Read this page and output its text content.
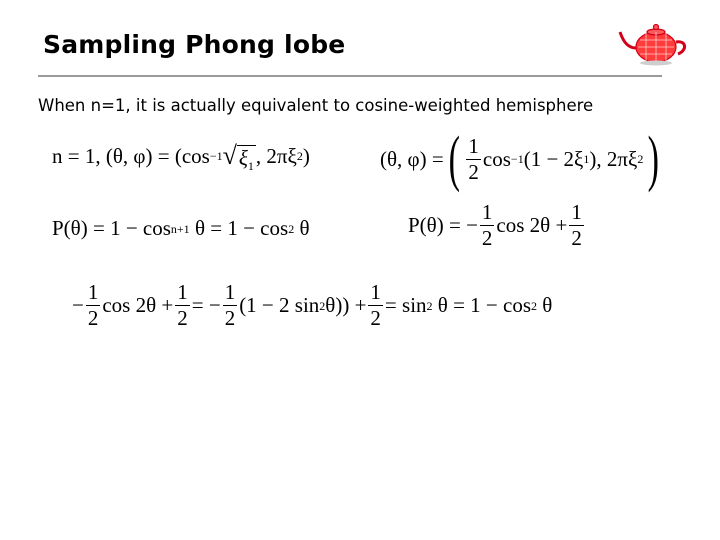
Sampling Phong lobe
When n=1, it is actually equivalent to cosine-weighted hemisphere
n = 1,
(θ, φ) = (cos −1 √ $\xi_1$ , 2πξ 2 )	(θ, φ) = ( $\frac{1}{2}$ cos −1 (1 − 2ξ 1 ), 2πξ 2 )
P(θ) = 1 − cos n+1
θ = 1 − cos 2
θ	P(θ) = − $\frac{1}{2}$ $\cos 2\theta + \frac{1}{2}$
− $\frac{1}{2}$ $\cos 2\theta + \frac{1}{2}$ = − $\frac{1}{2} (1 - 2$ sin 2 $\theta)) + \frac{1}{2} = \sin 2$
θ = 1 − cos 2
θ
